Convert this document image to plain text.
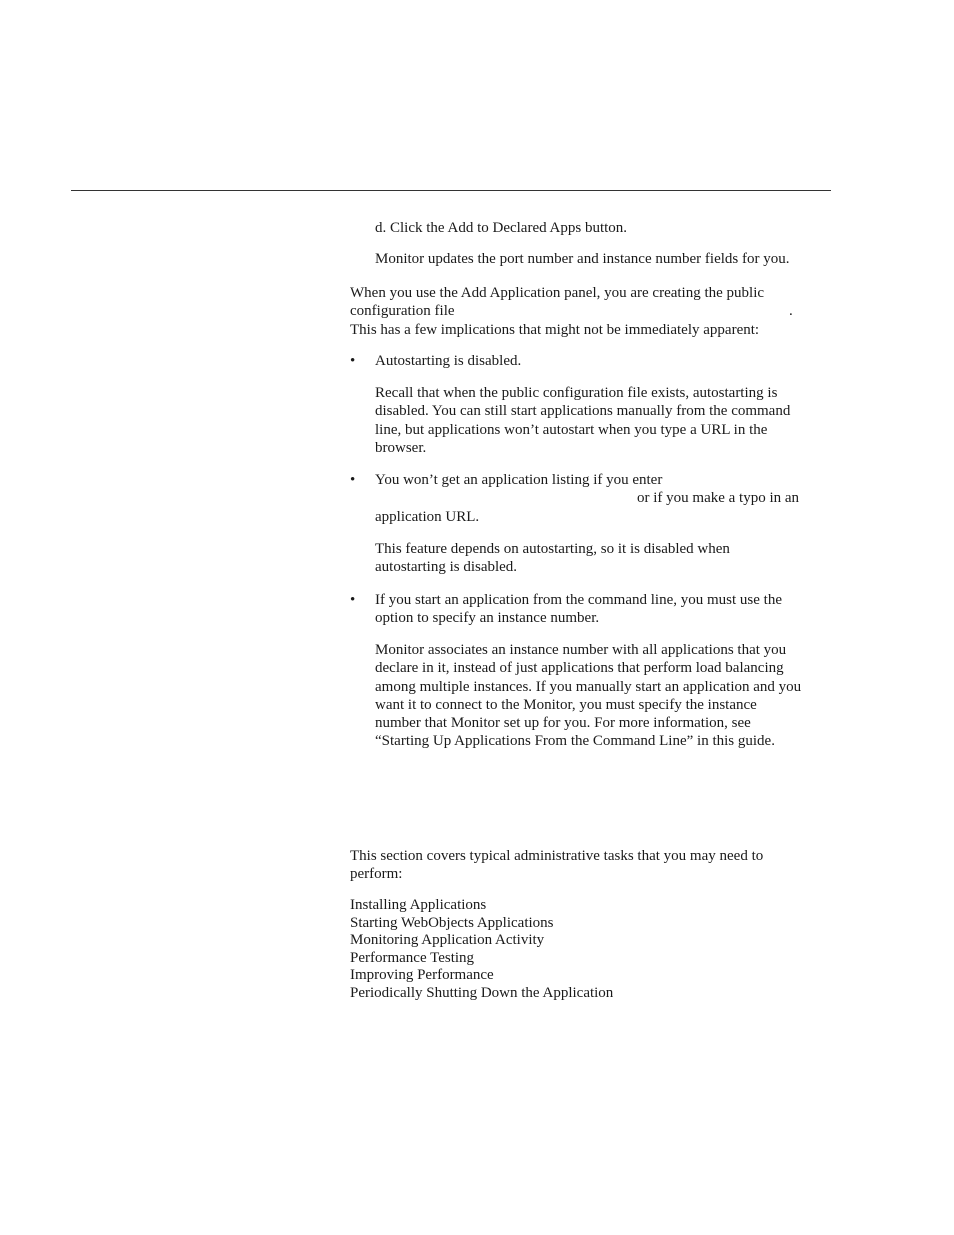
d. Click the Add to Declared Apps button.

Monitor updates the port number and instance number fields for you.

When you use the Add Application panel, you are creating the public
configuration file	.
This has a few implications that might not be immediately apparent:
• Autostarting is disabled.
Recall that when the public configuration file exists, autostarting is
disabled. You can still start applications manually from the command
line, but applications won’t autostart when you type a URL in the
browser.
• You won’t get an application listing if you enter
or if you make a typo in an
application URL.
This feature depends on autostarting, so it is disabled when
autostarting is disabled.
• If you start an application from the command line, you must use the
option to specify an instance number.
Monitor associates an instance number with all applications that you
declare in it, instead of just applications that perform load balancing
among multiple instances. If you manually start an application and you
want it to connect to the Monitor, you must specify the instance
number that Monitor set up for you. For more information, see
“Starting Up Applications From the Command Line” in this guide.
This section covers typical administrative tasks that you may need to
perform:
Installing Applications
Starting WebObjects Applications
Monitoring Application Activity
Performance Testing
Improving Performance
Periodically Shutting Down the Application
